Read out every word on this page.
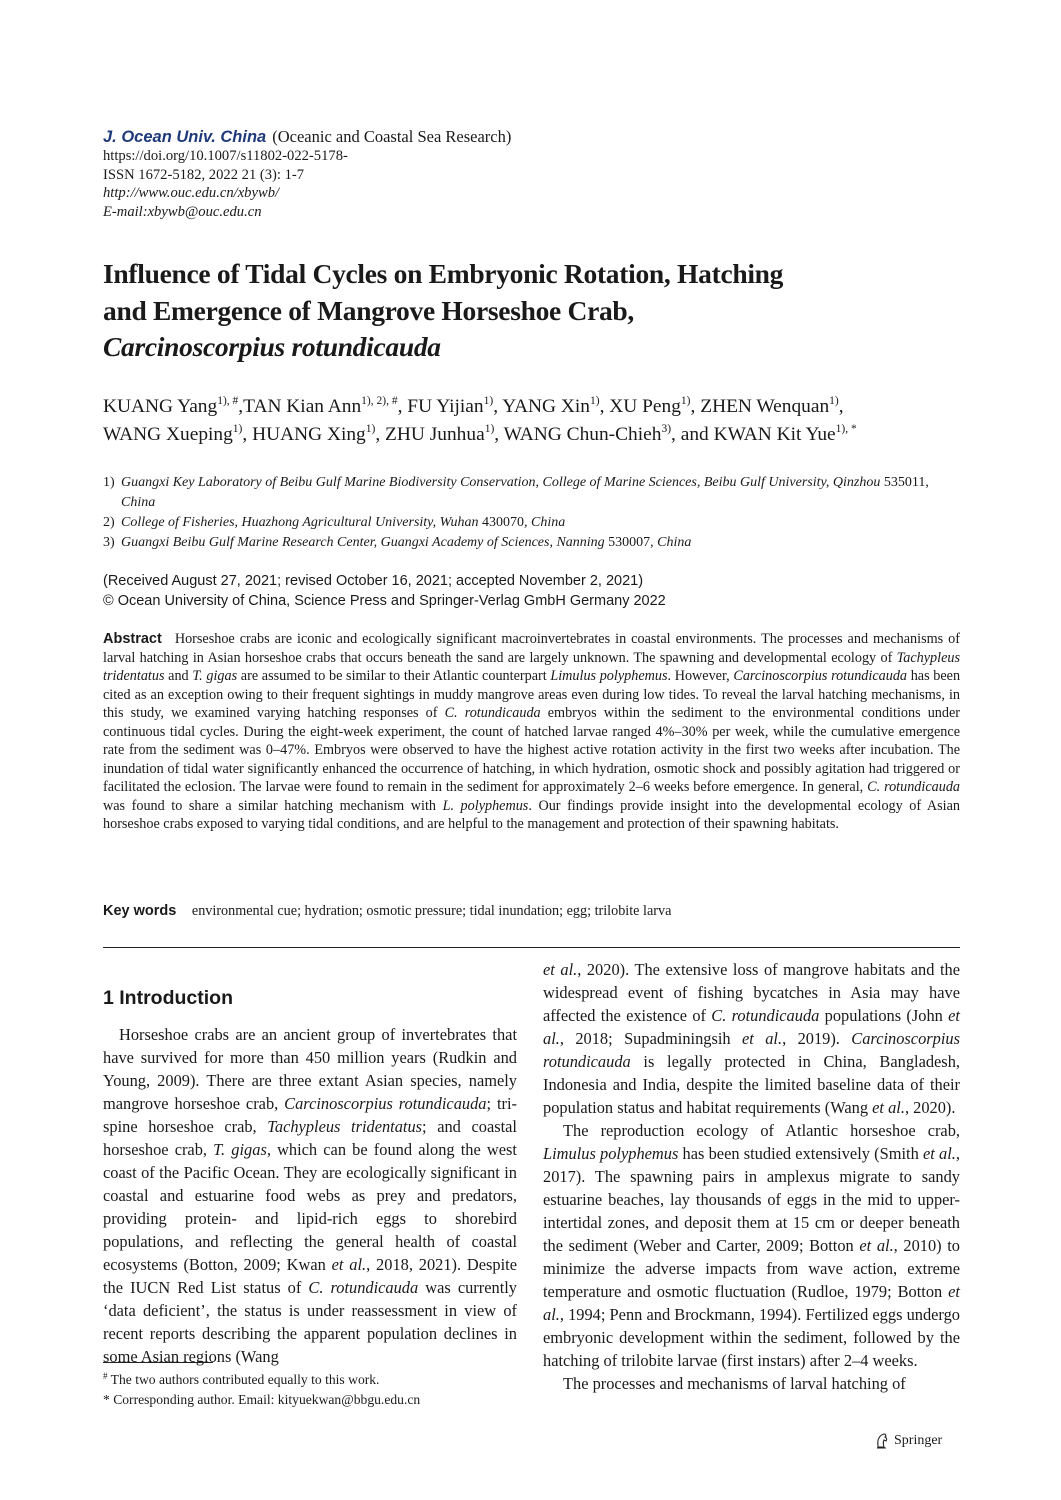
J. Ocean Univ. China (Oceanic and Coastal Sea Research)
https://doi.org/10.1007/s11802-022-5178-
ISSN 1672-5182, 2022 21 (3): 1-7
http://www.ouc.edu.cn/xbywb/
E-mail:xbywb@ouc.edu.cn
Influence of Tidal Cycles on Embryonic Rotation, Hatching
and Emergence of Mangrove Horseshoe Crab,
Carcinoscorpius rotundicauda
KUANG Yang$^{1), \#}$,TAN Kian Ann$^{1), 2), \#}$, FU Yijian$^{1)}$, YANG Xin$^{1)}$, XU Peng$^{1)}$, ZHEN Wenquan$^{1)}$,
WANG Xueping$^{1)}$, HUANG Xing$^{1)}$, ZHU Junhua$^{1)}$, WANG Chun-Chieh$^{3)}$, and KWAN Kit Yue$^{1), *}$
1) Guangxi Key Laboratory of Beibu Gulf Marine Biodiversity Conservation, College of Marine Sciences, Beibu Gulf University, Qinzhou 535011, China
2) College of Fisheries, Huazhong Agricultural University, Wuhan 430070, China
3) Guangxi Beibu Gulf Marine Research Center, Guangxi Academy of Sciences, Nanning 530007, China
(Received August 27, 2021; revised October 16, 2021; accepted November 2, 2021)
© Ocean University of China, Science Press and Springer-Verlag GmbH Germany 2022
Abstract Horseshoe crabs are iconic and ecologically significant macroinvertebrates in coastal environments. The processes and mechanisms of larval hatching in Asian horseshoe crabs that occurs beneath the sand are largely unknown. The spawning and developmental ecology of Tachypleus tridentatus and T. gigas are assumed to be similar to their Atlantic counterpart Limulus polyphemus. However, Carcinoscorpius rotundicauda has been cited as an exception owing to their frequent sightings in muddy mangrove areas even during low tides. To reveal the larval hatching mechanisms, in this study, we examined varying hatching responses of C. rotundicauda embryos within the sediment to the environmental conditions under continuous tidal cycles. During the eight-week experiment, the count of hatched larvae ranged 4%–30% per week, while the cumulative emergence rate from the sediment was 0–47%. Embryos were observed to have the highest active rotation activity in the first two weeks after incubation. The inundation of tidal water significantly enhanced the occurrence of hatching, in which hydration, osmotic shock and possibly agitation had triggered or facilitated the eclosion. The larvae were found to remain in the sediment for approximately 2–6 weeks before emergence. In general, C. rotundicauda was found to share a similar hatching mechanism with L. polyphemus. Our findings provide insight into the developmental ecology of Asian horseshoe crabs exposed to varying tidal conditions, and are helpful to the management and protection of their spawning habitats.
Key words environmental cue; hydration; osmotic pressure; tidal inundation; egg; trilobite larva
1 Introduction

Horseshoe crabs are an ancient group of invertebrates that have survived for more than 450 million years (Rudkin and Young, 2009). There are three extant Asian species, namely mangrove horseshoe crab, Carcinoscorpius rotundicauda; tri-spine horseshoe crab, Tachypleus tridentatus; and coastal horseshoe crab, T. gigas, which can be found along the west coast of the Pacific Ocean. They are ecologically significant in coastal and estuarine food webs as prey and predators, providing protein- and lipid-rich eggs to shorebird populations, and reflecting the general health of coastal ecosystems (Botton, 2009; Kwan et al., 2018, 2021). Despite the IUCN Red List status of C. rotundicauda was currently ‘data deficient’, the status is under reassessment in view of recent reports describing the apparent population declines in some Asian regions (Wang

et al., 2020). The extensive loss of mangrove habitats and the widespread event of fishing bycatches in Asia may have affected the existence of C. rotundicauda populations (John et al., 2018; Supadminingsih et al., 2019). Carcinoscorpius rotundicauda is legally protected in China, Bangladesh, Indonesia and India, despite the limited baseline data of their population status and habitat requirements (Wang et al., 2020).

The reproduction ecology of Atlantic horseshoe crab, Limulus polyphemus has been studied extensively (Smith et al., 2017). The spawning pairs in amplexus migrate to sandy estuarine beaches, lay thousands of eggs in the mid to upper-intertidal zones, and deposit them at 15 cm or deeper beneath the sediment (Weber and Carter, 2009; Botton et al., 2010) to minimize the adverse impacts from wave action, extreme temperature and osmotic fluctuation (Rudloe, 1979; Botton et al., 1994; Penn and Brockmann, 1994). Fertilized eggs undergo embryonic development within the sediment, followed by the hatching of trilobite larvae (first instars) after 2–4 weeks.

The processes and mechanisms of larval hatching of

# The two authors contributed equally to this work.
* Corresponding author. Email: kityuekwan@bbgu.edu.cn
Springer
